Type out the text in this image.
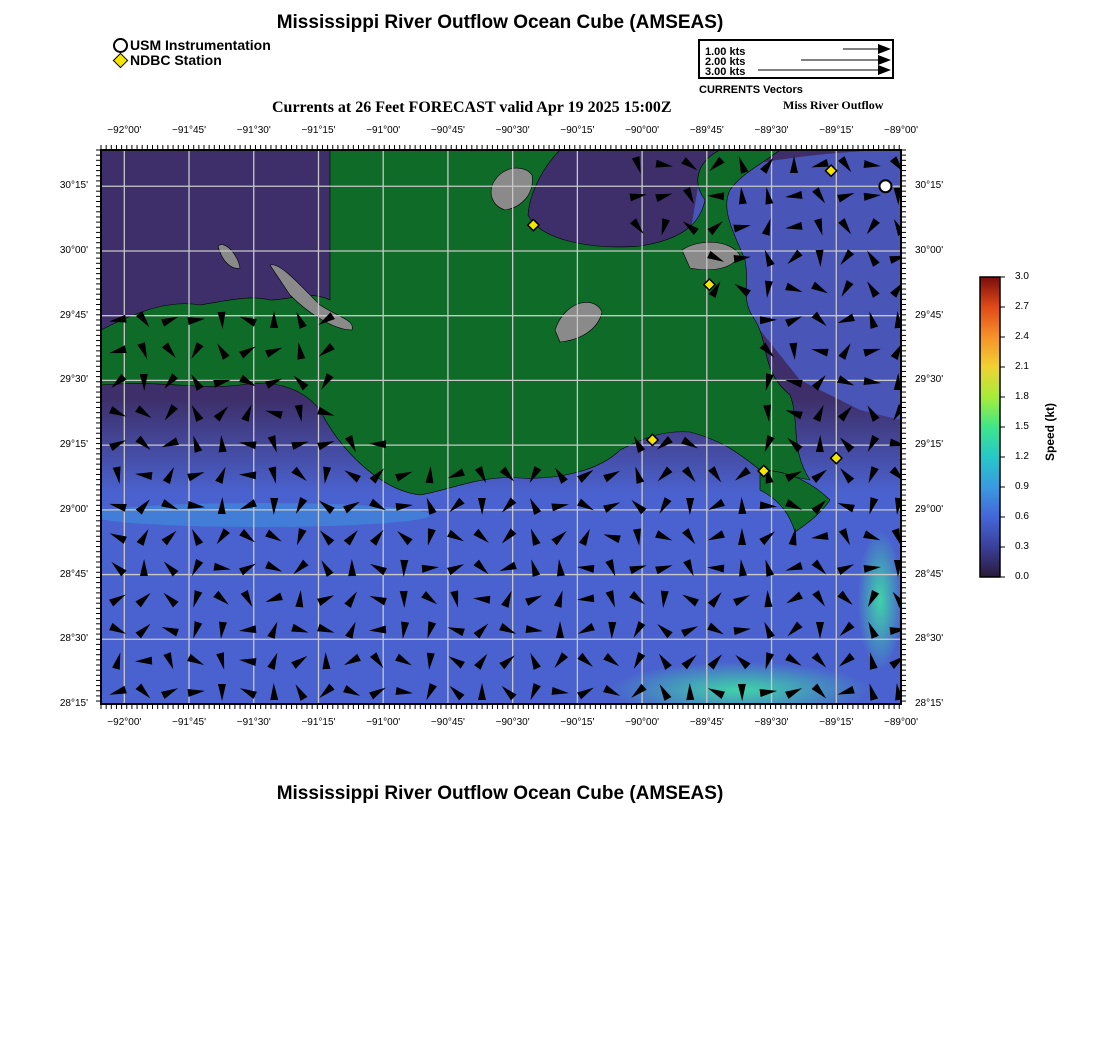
Mississippi River Outflow Ocean Cube (AMSEAS)
Mississippi River Outflow Ocean Cube (AMSEAS)
USM Instrumentation
NDBC Station	1.00 kts
2.00 kts
3.00 kts
CURRENTS Vectors
Currents at 26 Feet FORECAST valid Apr 19 2025 15:00Z	Miss River Outflow
−92°00'	−91°45'	−91°30'	−91°15'	−91°00'	−90°45'	−90°30'	−90°15'	−90°00'	−89°45'	−89°30'	−89°15'	−89°00'
−92°00'	−91°45'	−91°30'	−91°15'	−91°00'	−90°45'	−90°30'	−90°15'	−90°00'	−89°45'	−89°30'	−89°15'	−89°00'
30°15'
30°00'
29°45'
29°30'
29°15'
29°00'
28°45'
28°30'
28°15'
30°15'
30°00'
29°45'
29°30'
29°15'
29°00'
28°45'
28°30'
28°15'
3.0
2.7
2.4
2.1
1.8
1.5
1.2
0.9
0.6
0.3
0.0
Speed (kt)
